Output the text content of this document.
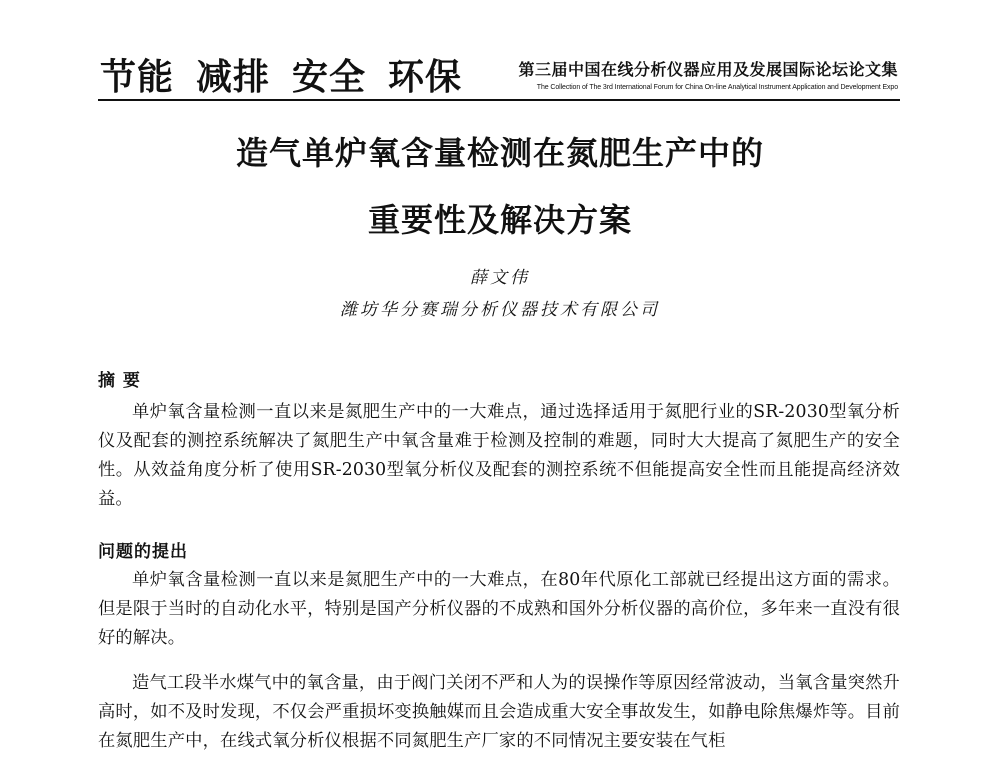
节能 减排 安全 环保	第三届中国在线分析仪器应用及发展国际论坛论文集
The Collection of The 3rd International Forum for China On-line Analytical Instrument Application and Development Expo
造气单炉氧含量检测在氮肥生产中的
重要性及解决方案
薛文伟
潍坊华分赛瑞分析仪器技术有限公司
摘 要

单炉氧含量检测一直以来是氮肥生产中的一大难点，通过选择适用于氮肥行业的SR-2030型氧分析仪及配套的测控系统解决了氮肥生产中氧含量难于检测及控制的难题，同时大大提高了氮肥生产的安全性。从效益角度分析了使用SR-2030型氧分析仪及配套的测控系统不但能提高安全性而且能提高经济效益。

问题的提出

单炉氧含量检测一直以来是氮肥生产中的一大难点，在80年代原化工部就已经提出这方面的需求。但是限于当时的自动化水平，特别是国产分析仪器的不成熟和国外分析仪器的高价位，多年来一直没有很好的解决。

造气工段半水煤气中的氧含量，由于阀门关闭不严和人为的误操作等原因经常波动，当氧含量突然升高时，如不及时发现，不仅会严重损坏变换触媒而且会造成重大安全事故发生，如静电除焦爆炸等。目前在氮肥生产中，在线式氧分析仪根据不同氮肥生产厂家的不同情况主要安装在气柜
